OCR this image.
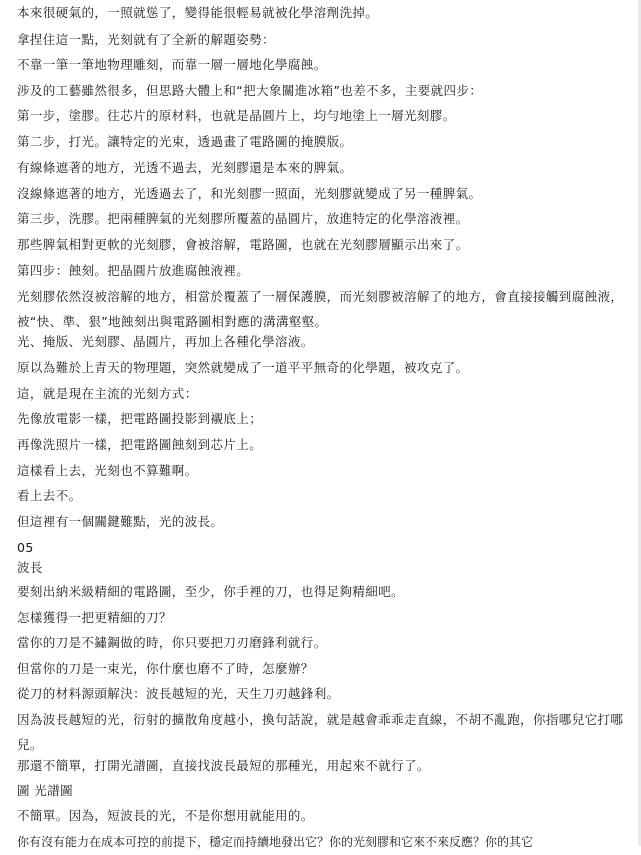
本來很硬氣的，一照就慫了，變得能很輕易就被化學溶劑洗掉。
拿捏住這一點，光刻就有了全新的解題姿勢：
不靠一筆一筆地物理雕刻，而靠一層一層地化學腐蝕。
涉及的工藝雖然很多，但思路大體上和“把大象關進冰箱”也差不多，主要就四步：
第一步，塗膠。往芯片的原材料，也就是晶圓片上，均勻地塗上一層光刻膠。
第二步，打光。讓特定的光束，透過畫了電路圖的掩膜版。
有線條遮著的地方，光透不過去，光刻膠還是本來的脾氣。
沒線條遮著的地方，光透過去了，和光刻膠一照面，光刻膠就變成了另一種脾氣。
第三步，洗膠。把兩種脾氣的光刻膠所覆蓋的晶圓片，放進特定的化學溶液裡。
那些脾氣相對更軟的光刻膠，會被溶解，電路圖，也就在光刻膠層顯示出來了。
第四步：蝕刻。把晶圓片放進腐蝕液裡。
光刻膠依然沒被溶解的地方，相當於覆蓋了一層保護膜，而光刻膠被溶解了的地方，會直接接觸到腐蝕液，被“快、準、狠”地蝕刻出與電路圖相對應的溝溝壑壑。
光、掩版、光刻膠、晶圓片，再加上各種化學溶液。
原以為難於上青天的物理題，突然就變成了一道平平無奇的化學題，被攻克了。
這，就是現在主流的光刻方式：
先像放電影一樣，把電路圖投影到襯底上；
再像洗照片一樣，把電路圖蝕刻到芯片上。
這樣看上去，光刻也不算難啊。
看上去不。
但這裡有一個關鍵難點，光的波長。
05
波長
要刻出納米級精細的電路圖，至少，你手裡的刀，也得足夠精細吧。
怎樣獲得一把更精細的刀？
當你的刀是不鏽鋼做的時，你只要把刀刃磨鋒利就行。
但當你的刀是一束光，你什麼也磨不了時，怎麼辦？
從刀的材料源頭解決：波長越短的光，天生刀刃越鋒利。
因為波長越短的光，衍射的擴散角度越小，換句話說，就是越會乖乖走直線，不胡不亂跑，你指哪兒它打哪兒。
那還不簡單，打開光譜圖，直接找波長最短的那種光，用起來不就行了。
圖 光譜圖
不簡單。因為，短波長的光，不是你想用就能用的。
你有沒有能力在成本可控的前提下，穩定而持續地發出它？你的光刻膠和它來不來反應？你的其它
